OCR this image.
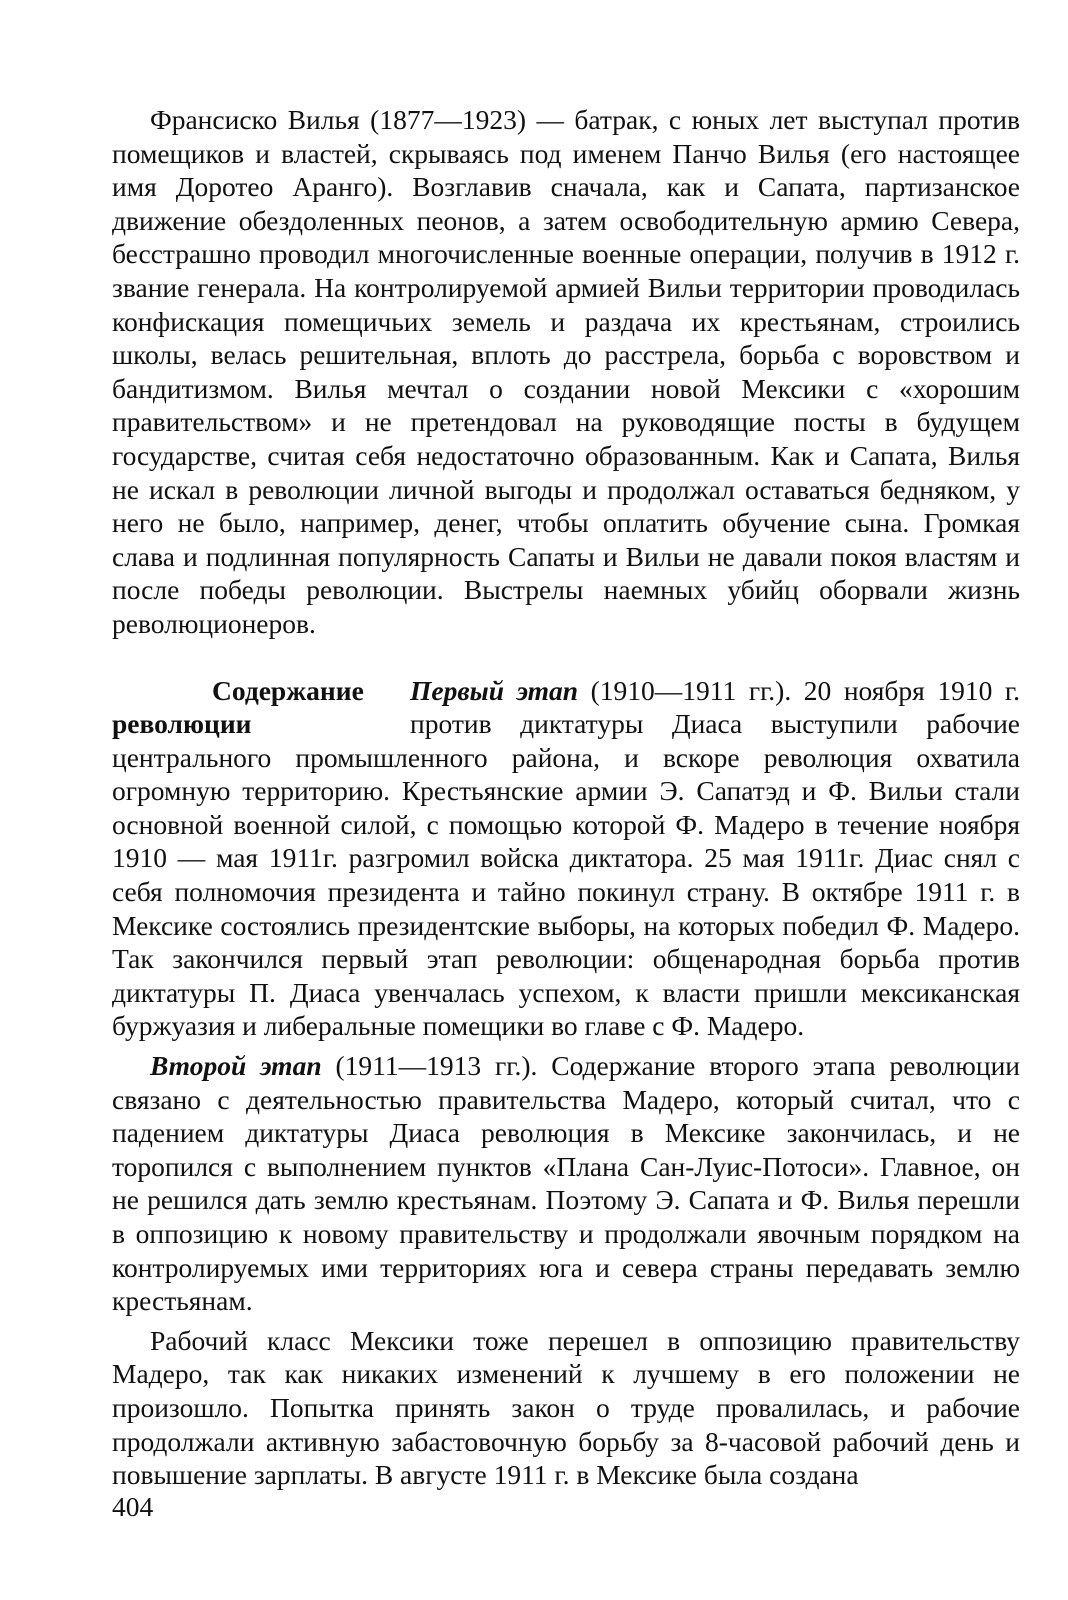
Франсиско Вилья (1877—1923) — батрак, с юных лет выступал против помещиков и властей, скрываясь под именем Панчо Вилья (его настоящее имя Доротео Аранго). Возглавив сначала, как и Сапата, партизанское движение обездоленных пеонов, а затем освободительную армию Севера, бесстрашно проводил многочисленные военные операции, получив в 1912 г. звание генерала. На контролируемой армией Вильи территории проводилась конфискация помещичьих земель и раздача их крестьянам, строились школы, велась решительная, вплоть до расстрела, борьба с воровством и бандитизмом. Вилья мечтал о создании новой Мексики с «хорошим правительством» и не претендовал на руководящие посты в будущем государстве, считая себя недостаточно образованным. Как и Сапата, Вилья не искал в революции личной выгоды и продолжал оставаться бедняком, у него не было, например, денег, чтобы оплатить обучение сына. Громкая слава и подлинная популярность Сапаты и Вильи не давали покоя властям и после победы революции. Выстрелы наемных убийц оборвали жизнь революционеров.

Содержание
революции
Первый этап (1910—1911 гг.). 20 ноября 1910 г. против диктатуры Диаса выступили рабочие центрального промышленного района, и вскоре революция охватила огромную территорию. Крестьянские армии Э. Сапатэд и Ф. Вильи стали основной военной силой, с помощью которой Ф. Мадеро в течение ноября 1910 — мая 1911г. разгромил войска диктатора. 25 мая 1911г. Диас снял с себя полномочия президента и тайно покинул страну. В октябре 1911 г. в Мексике состоялись президентские выборы, на которых победил Ф. Мадеро. Так закончился первый этап революции: общенародная борьба против диктатуры П. Диаса увенчалась успехом, к власти пришли мексиканская буржуазия и либеральные помещики во главе с Ф. Мадеро.

Второй этап (1911—1913 гг.). Содержание второго этапа революции связано с деятельностью правительства Мадеро, который считал, что с падением диктатуры Диаса революция в Мексике закончилась, и не торопился с выполнением пунктов «Плана Сан-Луис-Потоси». Главное, он не решился дать землю крестьянам. Поэтому Э. Сапата и Ф. Вилья перешли в оппозицию к новому правительству и продолжали явочным порядком на контролируемых ими территориях юга и севера страны передавать землю крестьянам.

Рабочий класс Мексики тоже перешел в оппозицию правительству Мадеро, так как никаких изменений к лучшему в его положении не произошло. Попытка принять закон о труде провалилась, и рабочие продолжали активную забастовочную борьбу за 8-часовой рабочий день и повышение зарплаты. В августе 1911 г. в Мексике была создана

404
